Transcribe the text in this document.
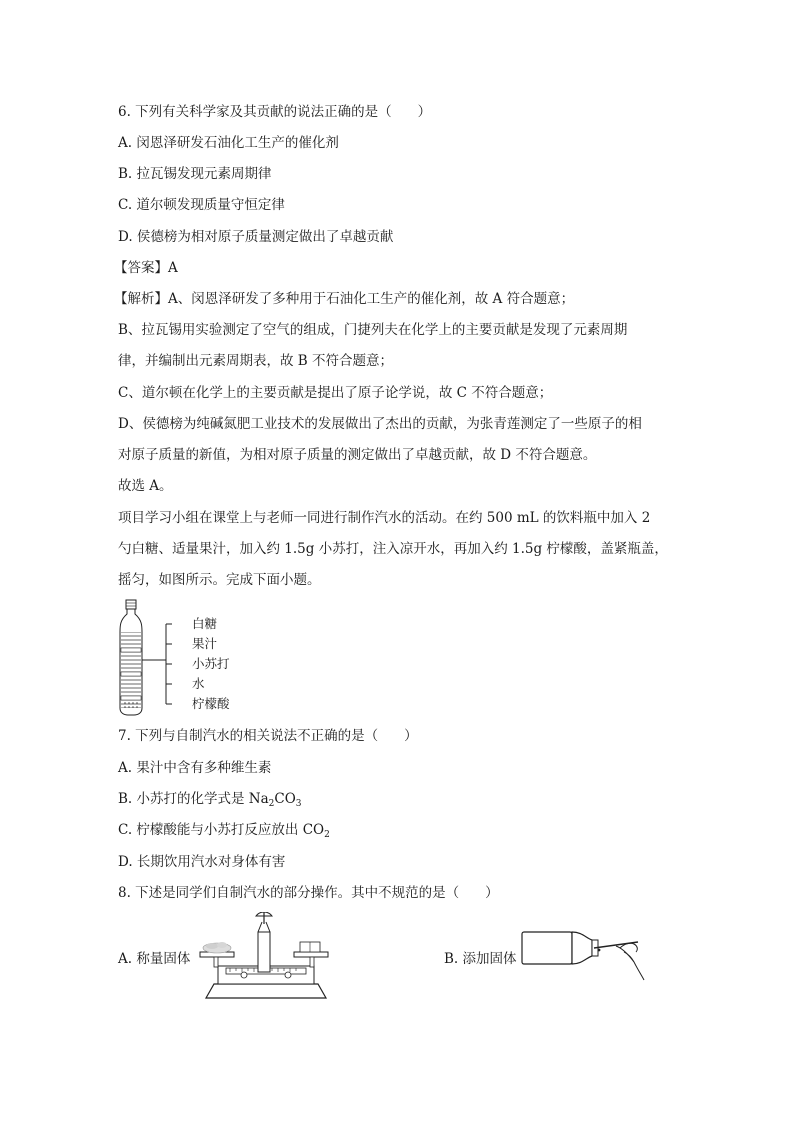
6. 下列有关科学家及其贡献的说法正确的是（ ）
A. 闵恩泽研发石油化工生产的催化剂
B. 拉瓦锡发现元素周期律
C. 道尔顿发现质量守恒定律
D. 侯德榜为相对原子质量测定做出了卓越贡献
【答案】A
【解析】A、闵恩泽研发了多种用于石油化工生产的催化剂，故 A 符合题意；
B、拉瓦锡用实验测定了空气的组成，门捷列夫在化学上的主要贡献是发现了元素周期
律，并编制出元素周期表，故 B 不符合题意；
C、道尔顿在化学上的主要贡献是提出了原子论学说，故 C 不符合题意；
D、侯德榜为纯碱氮肥工业技术的发展做出了杰出的贡献，为张青莲测定了一些原子的相
对原子质量的新值，为相对原子质量的测定做出了卓越贡献，故 D 不符合题意。
故选 A。
项目学习小组在课堂上与老师一同进行制作汽水的活动。在约 500 mL 的饮料瓶中加入 2
勺白糖、适量果汁，加入约 1.5g 小苏打，注入凉开水，再加入约 1.5g 柠檬酸，盖紧瓶盖，
摇匀，如图所示。完成下面小题。
白糖
果汁
小苏打
水
柠檬酸
7. 下列与自制汽水的相关说法不正确的是（ ）
A. 果汁中含有多种维生素
B. 小苏打的化学式是 $Na_2CO_3$
C. 柠檬酸能与小苏打反应放出 $CO_2$
D. 长期饮用汽水对身体有害
8. 下述是同学们自制汽水的部分操作。其中不规范的是（ ）
A. 称量固体	B. 添加固体
